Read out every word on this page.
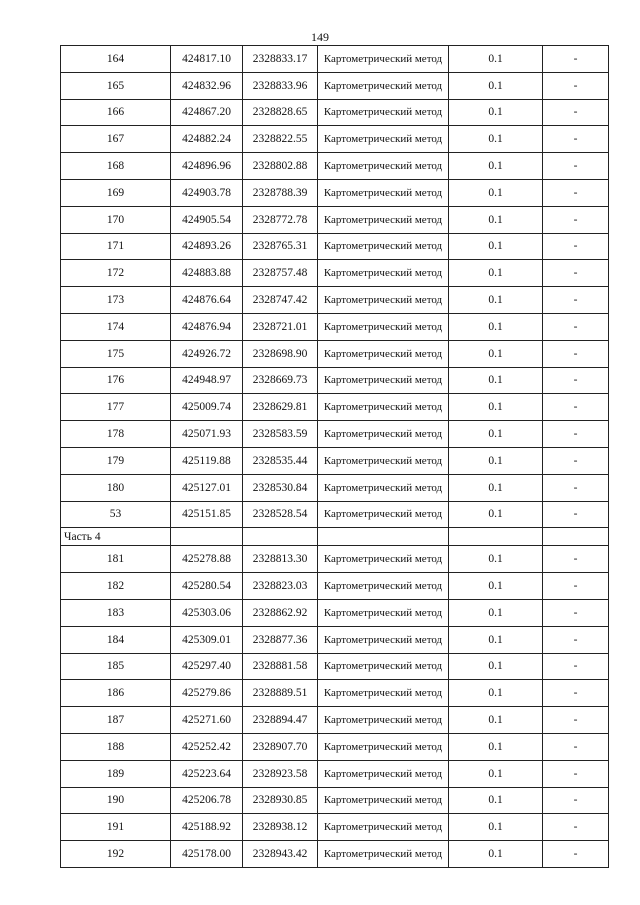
149
164	424817.10	2328833.17	Картометрический метод	0.1	-
165	424832.96	2328833.96	Картометрический метод	0.1	-
166	424867.20	2328828.65	Картометрический метод	0.1	-
167	424882.24	2328822.55	Картометрический метод	0.1	-
168	424896.96	2328802.88	Картометрический метод	0.1	-
169	424903.78	2328788.39	Картометрический метод	0.1	-
170	424905.54	2328772.78	Картометрический метод	0.1	-
171	424893.26	2328765.31	Картометрический метод	0.1	-
172	424883.88	2328757.48	Картометрический метод	0.1	-
173	424876.64	2328747.42	Картометрический метод	0.1	-
174	424876.94	2328721.01	Картометрический метод	0.1	-
175	424926.72	2328698.90	Картометрический метод	0.1	-
176	424948.97	2328669.73	Картометрический метод	0.1	-
177	425009.74	2328629.81	Картометрический метод	0.1	-
178	425071.93	2328583.59	Картометрический метод	0.1	-
179	425119.88	2328535.44	Картометрический метод	0.1	-
180	425127.01	2328530.84	Картометрический метод	0.1	-
53	425151.85	2328528.54	Картометрический метод	0.1	-
Часть 4					
181	425278.88	2328813.30	Картометрический метод	0.1	-
182	425280.54	2328823.03	Картометрический метод	0.1	-
183	425303.06	2328862.92	Картометрический метод	0.1	-
184	425309.01	2328877.36	Картометрический метод	0.1	-
185	425297.40	2328881.58	Картометрический метод	0.1	-
186	425279.86	2328889.51	Картометрический метод	0.1	-
187	425271.60	2328894.47	Картометрический метод	0.1	-
188	425252.42	2328907.70	Картометрический метод	0.1	-
189	425223.64	2328923.58	Картометрический метод	0.1	-
190	425206.78	2328930.85	Картометрический метод	0.1	-
191	425188.92	2328938.12	Картометрический метод	0.1	-
192	425178.00	2328943.42	Картометрический метод	0.1	-
